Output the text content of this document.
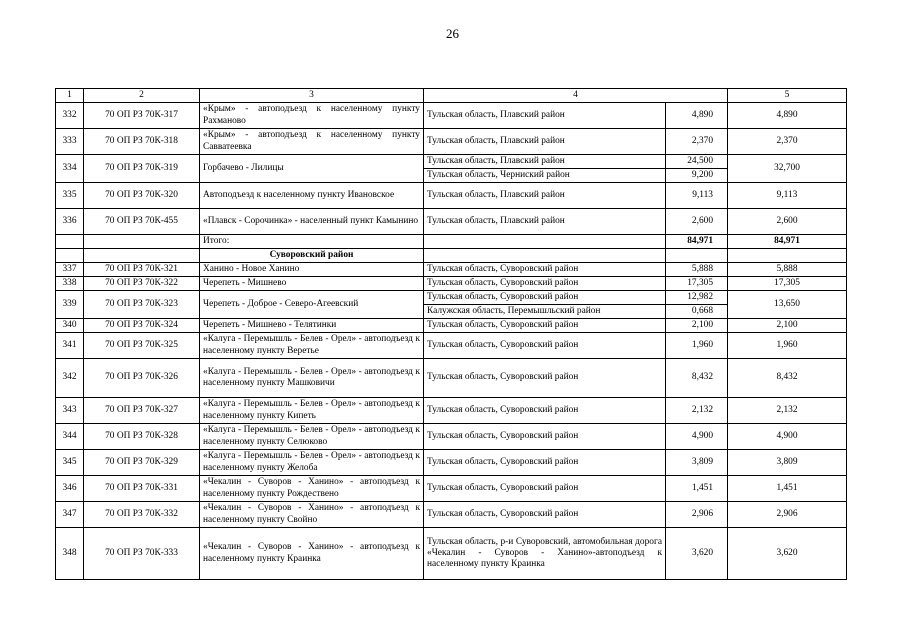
26
1	2	3	4		5
332	70 ОП РЗ 70К-317	«Крым» - автоподъезд к населенному пункту Рахманово	Тульская область, Плавский район	4,890	4,890
333	70 ОП РЗ 70К-318	«Крым» - автоподъезд к населенному пункту Савватеевка	Тульская область, Плавский район	2,370	2,370
334	70 ОП РЗ 70К-319	Горбачево - Лилицы	Тульская область, Плавский район	24,500	32,700
			Тульская область, Черниский район	9,200	
335	70 ОП РЗ 70К-320	Автоподъезд к населенному пункту Ивановское	Тульская область, Плавский район	9,113	9,113
336	70 ОП РЗ 70К-455	«Плавск - Сорочинка» - населенный пункт Камынино	Тульская область, Плавский район	2,600	2,600
		Итого:		84,971	84,971
		Суворовский район			
337	70 ОП РЗ 70К-321	Ханино - Новое Ханино	Тульская область, Суворовский район	5,888	5,888
338	70 ОП РЗ 70К-322	Черепеть - Мишнево	Тульская область, Суворовский район	17,305	17,305
339	70 ОП РЗ 70К-323	Черепеть - Доброе - Северо-Агеевский	Тульская область, Суворовский район	12,982	13,650
			Калужская область, Перемышльский район	0,668	
340	70 ОП РЗ 70К-324	Черепеть - Мишнево - Телятинки	Тульская область, Суворовский район	2,100	2,100
341	70 ОП РЗ 70К-325	«Калуга - Перемышль - Белев - Орел» - автоподъезд к населенному пункту Веретье	Тульская область, Суворовский район	1,960	1,960
342	70 ОП РЗ 70К-326	«Калуга - Перемышль - Белев - Орел» - автоподъезд к населенному пункту Машковичи	Тульская область, Суворовский район	8,432	8,432
343	70 ОП РЗ 70К-327	«Калуга - Перемышль - Белев - Орел» - автоподъезд к населенному пункту Кипеть	Тульская область, Суворовский район	2,132	2,132
344	70 ОП РЗ 70К-328	«Калуга - Перемышль - Белев - Орел» - автоподъезд к населенному пункту Селюково	Тульская область, Суворовский район	4,900	4,900
345	70 ОП РЗ 70К-329	«Калуга - Перемышль - Белев - Орел» - автоподъезд к населенному пункту Желоба	Тульская область, Суворовский район	3,809	3,809
346	70 ОП РЗ 70К-331	«Чекалин - Суворов - Ханино» - автоподъезд к населенному пункту Рождествено	Тульская область, Суворовский район	1,451	1,451
347	70 ОП РЗ 70К-332	«Чекалин - Суворов - Ханино» - автоподъезд к населенному пункту Свойно	Тульская область, Суворовский район	2,906	2,906
348	70 ОП РЗ 70К-333	«Чекалин - Суворов - Ханино» - автоподъезд к населенному пункту Краинка	Тульская область, р-и Суворовский, автомобильная дорога «Чекалин - Суворов - Ханино»-автоподъезд к населенному пункту Краинка	3,620	3,620
